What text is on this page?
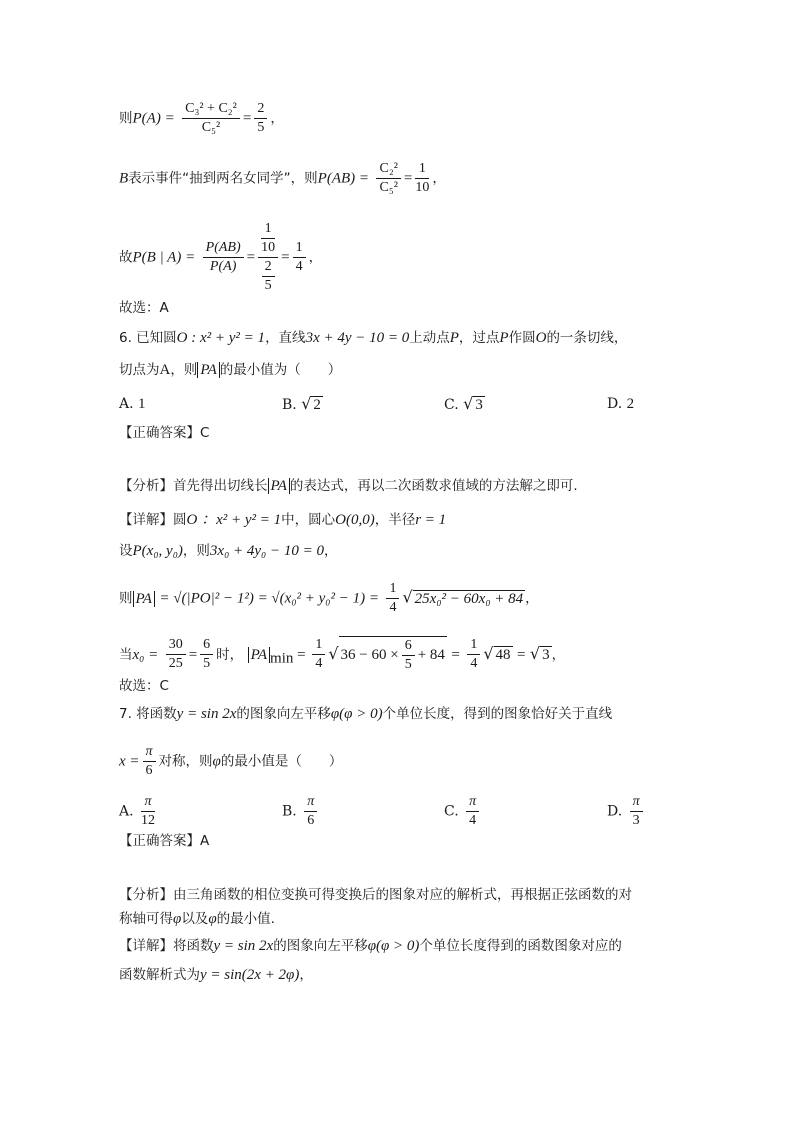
则$P(A) = \frac{\text{C₃² + C₂²}}{\text{C₅²}} = \frac{2}{5}$ ，
B表示事件“抽到两名女同学”，则$P(AB) = \frac{\text{C₂²}}{\text{C₅²}} = \frac{1}{10}$ ，
故P(B | $A) = \frac{P(AB)}{P(A)} = \frac{\frac{1}{10}}{\frac{2}{5}} = \frac{1}{4}$ ，
故选：A
6. 已知圆O : x² + y² = 1，直线3x + 4y − 10 = 0上动点P，过点P作圆O的一条切线，
切点为A，则 PA 的最小值为（　　）
A. 1	B. √ 2	C. √ 3	D. 2
【正确答案】C
【分析】首先得出切线长 PA 的表达式，再以二次函数求值域的方法解之即可.
【详解】圆O ：x² + y² = 1中，圆心O(0,0)，半径r = 1
设P(x₀, y₀)，则3x₀ + 4y₀ − 10 = 0，
则 PA = $√(|PO|^2 - 1^2) = √(x_0^2 + y_0^2 - 1) = \frac{1}{4}$ √ 25x₀² − 60x₀ + 84 ，
当$x_0 = \frac{30}{25} = \frac{6}{5}$ 时， PA $_{min} = \frac{1}{4}$ √ $36 - 60 \times \frac{6}{5} + 84 = \frac{1}{4}$ √ 48 = √ 3 ，
故选：C
7. 将函数y = sin 2x的图象向左平移φ(φ > 0)个单位长度，得到的图象恰好关于直线
$x = \frac{\pi}{6}$ 对称，则φ的最小值是（　　）
A. $\frac{\pi}{12}$	B. $\frac{\pi}{6}$	C. $\frac{\pi}{4}$	D. $\frac{\pi}{3}$
【正确答案】A
【分析】由三角函数的相位变换可得变换后的图象对应的解析式，再根据正弦函数的对
称轴可得φ以及φ的最小值.
【详解】将函数y = sin 2x的图象向左平移φ(φ > 0)个单位长度得到的函数图象对应的
函数解析式为y = sin(2x + 2φ)，
